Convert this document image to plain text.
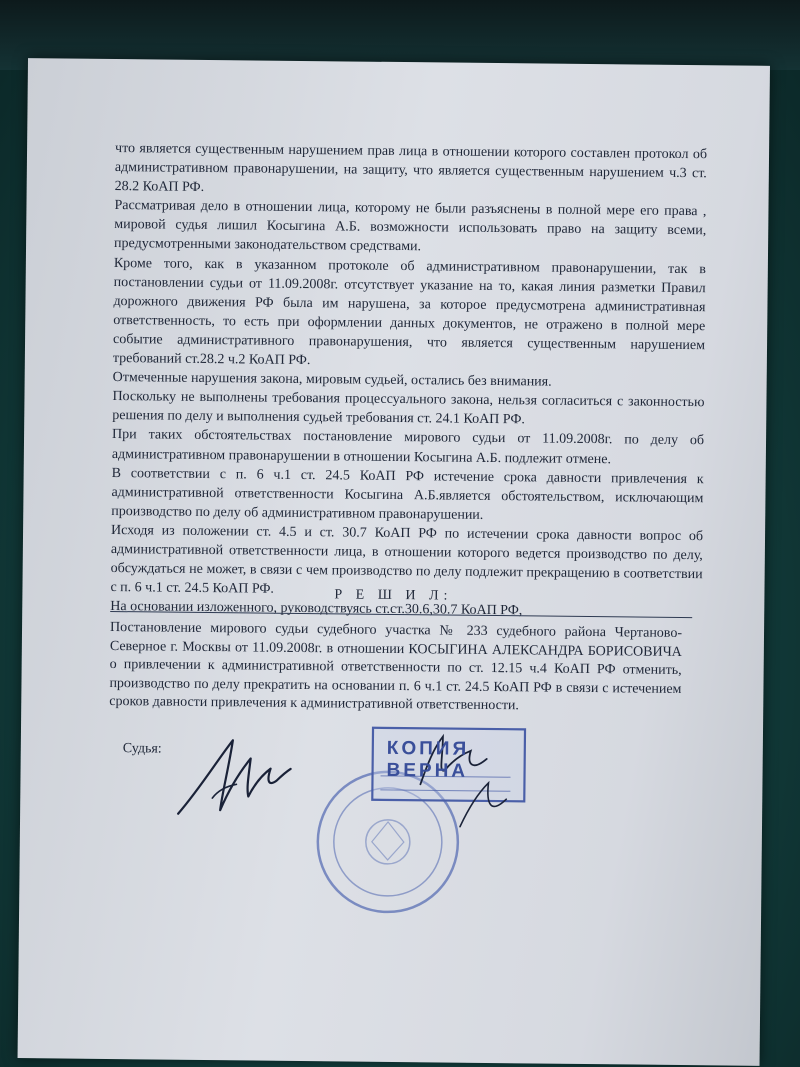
что является существенным нарушением прав лица в отношении которого составлен протокол об административном правонарушении, на защиту, что является существенным нарушением ч.3 ст. 28.2 КоАП РФ.

Рассматривая дело в отношении лица, которому не были разъяснены в полной мере его права , мировой судья лишил Косыгина А.Б. возможности использовать право на защиту всеми, предусмотренными законодательством средствами.

Кроме того, как в указанном протоколе об административном правонарушении, так в постановлении судьи от 11.09.2008г. отсутствует указание на то, какая линия разметки Правил дорожного движения РФ была им нарушена, за которое предусмотрена административная ответственность, то есть при оформлении данных документов, не отражено в полной мере событие административного правонарушения, что является существенным нарушением требований ст.28.2 ч.2 КоАП РФ.

Отмеченные нарушения закона, мировым судьей, остались без внимания.

Поскольку не выполнены требования процессуального закона, нельзя согласиться с законностью решения по делу и выполнения судьей требования ст. 24.1 КоАП РФ.

При таких обстоятельствах постановление мирового судьи от 11.09.2008г. по делу об административном правонарушении в отношении Косыгина А.Б. подлежит отмене.

В соответствии с п. 6 ч.1 ст. 24.5 КоАП РФ истечение срока давности привлечения к административной ответственности Косыгина А.Б.является обстоятельством, исключающим производство по делу об административном правонарушении.

Исходя из положении ст. 4.5 и ст. 30.7 КоАП РФ по истечении срока давности вопрос об административной ответственности лица, в отношении которого ведется производство по делу, обсуждаться не может, в связи с чем производство по делу подлежит прекращению в соответствии с п. 6 ч.1 ст. 24.5 КоАП РФ.

На основании изложенного, руководствуясь ст.ст.30.6,30.7 КоАП РФ,

Р Е Ш И Л:

Постановление мирового судьи судебного участка № 233 судебного района Чертаново-Северное г. Москвы от 11.09.2008г. в отношении КОСЫГИНА АЛЕКСАНДРА БОРИСОВИЧА о привлечении к административной ответственности по ст. 12.15 ч.4 КоАП РФ отменить, производство по делу прекратить на основании п. 6 ч.1 ст. 24.5 КоАП РФ в связи с истечением сроков давности привлечения к административной ответственности.

Судья:	КОПИЯ ВЕРНА
